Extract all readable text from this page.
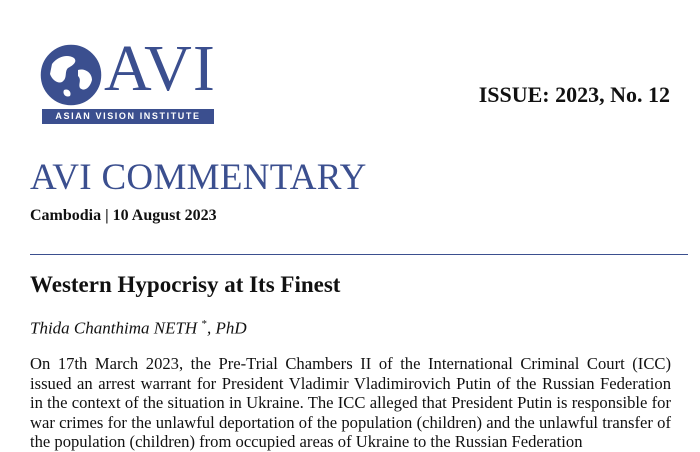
AVI
ASIAN VISION INSTITUTE
ISSUE: 2023, No. 12
AVI COMMENTARY
Cambodia | 10 August 2023
Western Hypocrisy at Its Finest
Thida Chanthima NETH *, PhD
On 17th March 2023, the Pre-Trial Chambers II of the International Criminal Court (ICC) issued an arrest warrant for President Vladimir Vladimirovich Putin of the Russian Federation in the context of the situation in Ukraine. The ICC alleged that President Putin is responsible for war crimes for the unlawful deportation of the population (children) and the unlawful transfer of the population (children) from occupied areas of Ukraine to the Russian Federation
